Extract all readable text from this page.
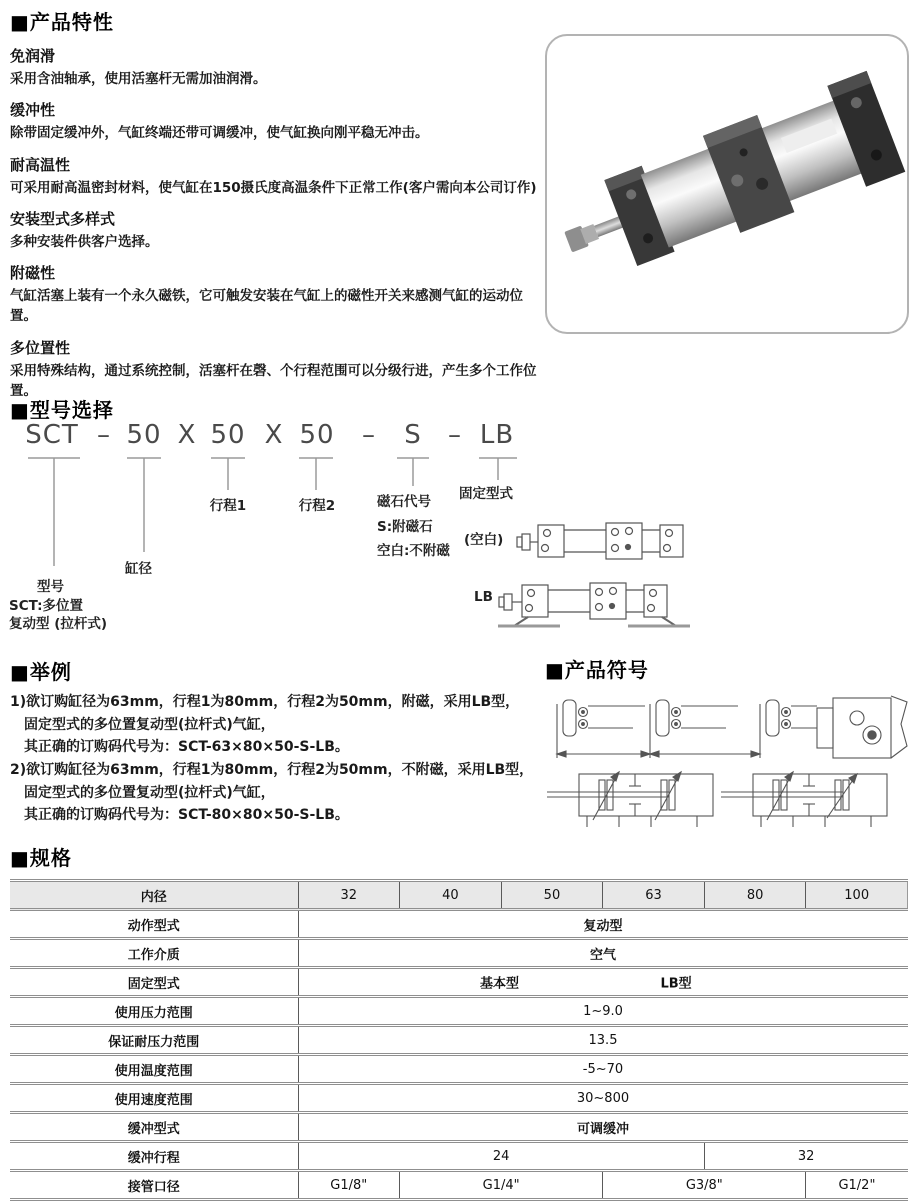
■产品特性

免润滑

采用含油轴承，使用活塞杆无需加油润滑。

缓冲性

除带固定缓冲外，气缸终端还带可调缓冲，使气缸换向刚平稳无冲击。

耐高温性

可采用耐高温密封材料，使气缸在150摄氏度高温条件下正常工作(客户需向本公司订作)

安装型式多样式

多种安装件供客户选择。

附磁性

气缸活塞上装有一个永久磁铁，它可触发安装在气缸上的磁性开关来感测气缸的运动位置。

多位置性

采用特殊结构，通过系统控制，活塞杆在磬、个行程范围可以分级行进，产生多个工作位置。

■型号选择
SCT – 50 X 50 X 50 – S – LB
行程1	行程2	磁石代号
S:附磁石
空白:不附磁
固定型式
(空白)
LB
缸径
型号
SCT:多位置
复动型 (拉杆式)
■举例

1)欲订购缸径为63mm，行程1为80mm，行程2为50mm，附磁，采用LB型，

固定型式的多位置复动型(拉杆式)气缸，

其正确的订购码代号为：SCT-63×80×50-S-LB。

2)欲订购缸径为63mm，行程1为80mm，行程2为50mm，不附磁，采用LB型，

固定型式的多位置复动型(拉杆式)气缸，

其正确的订购码代号为：SCT-80×80×50-S-LB。

■产品符号
■规格
内径	32	40	50	63	80	100
动作型式	复动型					
工作介质	空气					
固定型式	基本型 LB型					

使用压力范围	1~9.0					
保证耐压力范围	13.5					
使用温度范围	-5~70					
使用速度范围	30~800					
缓冲型式	可调缓冲					
缓冲行程	24				32	
接管口径	G1/8"	G1/4"		G3/8"		G1/2"
